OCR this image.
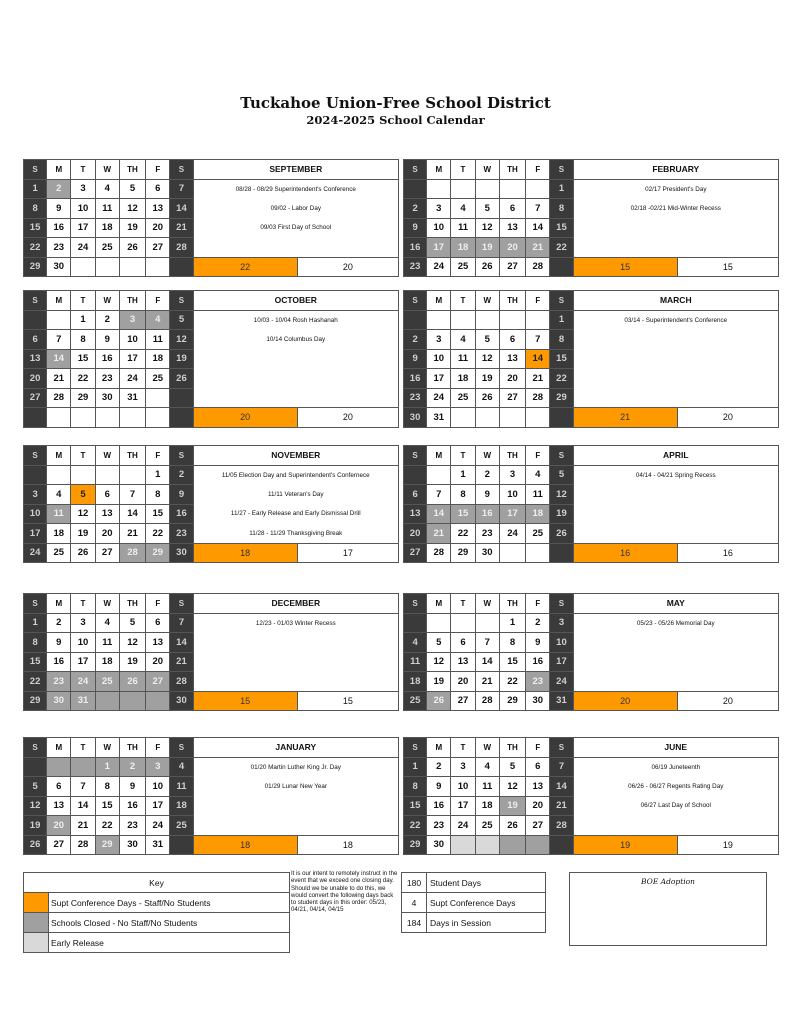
Tuckahoe Union-Free School District
2024-2025 School Calendar
S	M	T	W	TH	F	S	SEPTEMBER	
1	2	3	4	5	6	7	08/28 - 08/29 Superintendent's Conference	
8	9	10	11	12	13	14	09/02 - Labor Day	
15	16	17	18	19	20	21	09/03 First Day of School	
22	23	24	25	26	27	28		
29	30						22	20
S	M	T	W	TH	F	S	OCTOBER	
		1	2	3	4	5	10/03 - 10/04 Rosh Hashanah	
6	7	8	9	10	11	12	10/14 Columbus Day	
13	14	15	16	17	18	19		
20	21	22	23	24	25	26		
27	28	29	30	31				
							20	20
S	M	T	W	TH	F	S	NOVEMBER	
					1	2	11/05 Election Day and Superintendent's Confernece	
3	4	5	6	7	8	9	11/11 Veteran's Day	
10	11	12	13	14	15	16	11/27 - Early Release and Early Dismissal Drill	
17	18	19	20	21	22	23	11/28 - 11/29 Thanksgiving Break	
24	25	26	27	28	29	30	18	17
S	M	T	W	TH	F	S	DECEMBER	
1	2	3	4	5	6	7	12/23 - 01/03 Winter Recess	
8	9	10	11	12	13	14		
15	16	17	18	19	20	21		
22	23	24	25	26	27	28		
29	30	31				30	15	15
S	M	T	W	TH	F	S	JANUARY	
			1	2	3	4	01/20 Martin Luther King Jr. Day	
5	6	7	8	9	10	11	01/29 Lunar New Year	
12	13	14	15	16	17	18		
19	20	21	22	23	24	25		
26	27	28	29	30	31		18	18
S	M	T	W	TH	F	S	FEBRUARY	
						1	02/17 President's Day	
2	3	4	5	6	7	8	02/18 -02/21 Mid-Winter Recess	
9	10	11	12	13	14	15		
16	17	18	19	20	21	22		
23	24	25	26	27	28		15	15
S	M	T	W	TH	F	S	MARCH	
						1	03/14 - Superintendent's Conference	
2	3	4	5	6	7	8		
9	10	11	12	13	14	15		
16	17	18	19	20	21	22		
23	24	25	26	27	28	29		
30	31						21	20
S	M	T	W	TH	F	S	APRIL	
		1	2	3	4	5	04/14 - 04/21 Spring Recess	
6	7	8	9	10	11	12		
13	14	15	16	17	18	19		
20	21	22	23	24	25	26		
27	28	29	30				16	16
S	M	T	W	TH	F	S	MAY	
				1	2	3	05/23 - 05/26 Memorial Day	
4	5	6	7	8	9	10		
11	12	13	14	15	16	17		
18	19	20	21	22	23	24		
25	26	27	28	29	30	31	20	20
S	M	T	W	TH	F	S	JUNE	
1	2	3	4	5	6	7	06/19 Juneteenth	
8	9	10	11	12	13	14	06/26 - 06/27 Regents Rating Day	
15	16	17	18	19	20	21	06/27 Last Day of School	
22	23	24	25	26	27	28		
29	30						19	19
Key	
	Supt Conference Days - Staff/No Students
	Schools Closed - No Staff/No Students
	Early Release
It is our intent to remotely instruct in the event that we exceed one closing day. Should we be unable to do this, we would convert the following days back to student days in this order: 05/23, 04/21, 04/14, 04/15
180	Student Days
4	Supt Conference Days
184	Days in Session
BOE Adoption
